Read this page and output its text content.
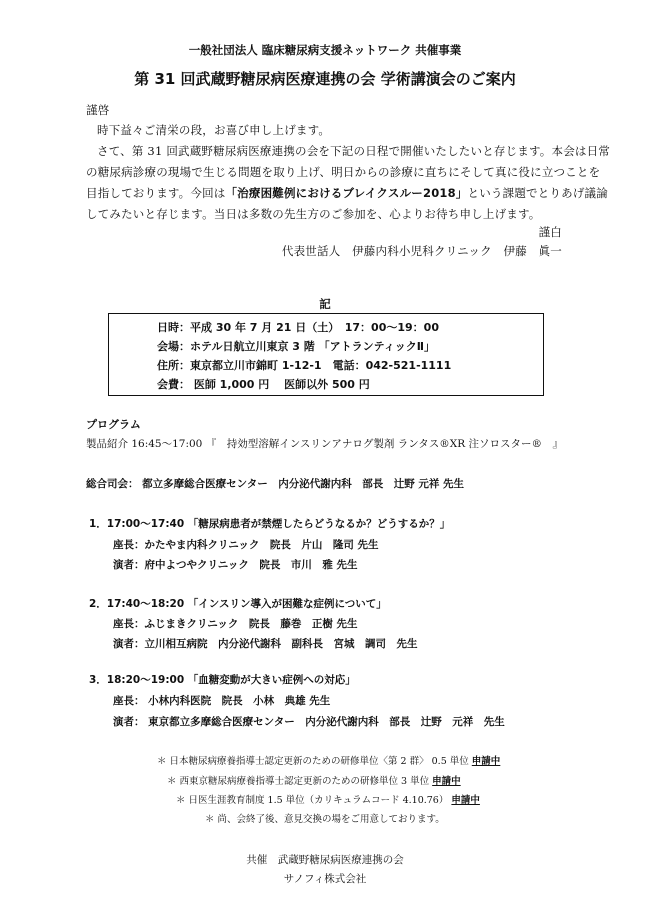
一般社団法人 臨床糖尿病支援ネットワーク 共催事業
第 31 回武蔵野糖尿病医療連携の会 学術講演会のご案内
謹啓
時下益々ご清栄の段，お喜び申し上げます。
さて、第 31 回武蔵野糖尿病医療連携の会を下記の日程で開催いたしたいと存じます。本会は日常
の糖尿病診療の現場で生じる問題を取り上げ、明日からの診療に直ちにそして真に役に立つことを
目指しております。今回は「治療困難例におけるブレイクスルー2018」という課題でとりあげ議論
してみたいと存じます。当日は多数の先生方のご参加を、心よりお待ち申し上げます。
謹白
代表世話人　伊藤内科小児科クリニック　伊藤　眞一
記
日時：平成 30 年 7 月 21 日（土）　17：00～19：00
会場：ホテル日航立川東京 3 階 「アトランティックⅡ」
住所：東京都立川市錦町 1-12-1　電話：042-521-1111
会費： 医師 1,000 円　 医師以外 500 円
プログラム
製品紹介 16:45～17:00 『　持効型溶解インスリンアナログ製剤 ランタス®XR 注ソロスター®　』
総合司会： 都立多摩総合医療センター　内分泌代謝内科　部長　辻野 元祥 先生
1．17:00～17:40 「糖尿病患者が禁煙したらどうなるか？どうするか？」
座長：かたやま内科クリニック　院長　片山　隆司 先生
演者：府中よつやクリニック　院長　市川　雅 先生
2．17:40～18:20 「インスリン導入が困難な症例について」
座長：ふじまきクリニック　院長　藤巻　正樹 先生
演者：立川相互病院　内分泌代謝科　副科長　宮城　調司　先生
3．18:20～19:00 「血糖変動が大きい症例への対応」
座長： 小林内科医院　院長　小林　典雄 先生
演者： 東京都立多摩総合医療センター　内分泌代謝内科　部長　辻野　元祥　先生
＊ 日本糖尿病療養指導士認定更新のための研修単位〈第 2 群〉 0.5 単位 申請中
＊ 西東京糖尿病療養指導士認定更新のための研修単位 3 単位 申請中
＊ 日医生涯教育制度 1.5 単位（カリキュラムコード 4.10.76） 申請中
＊ 尚、会終了後、意見交換の場をご用意しております。
共催　武蔵野糖尿病医療連携の会
サノフィ株式会社
